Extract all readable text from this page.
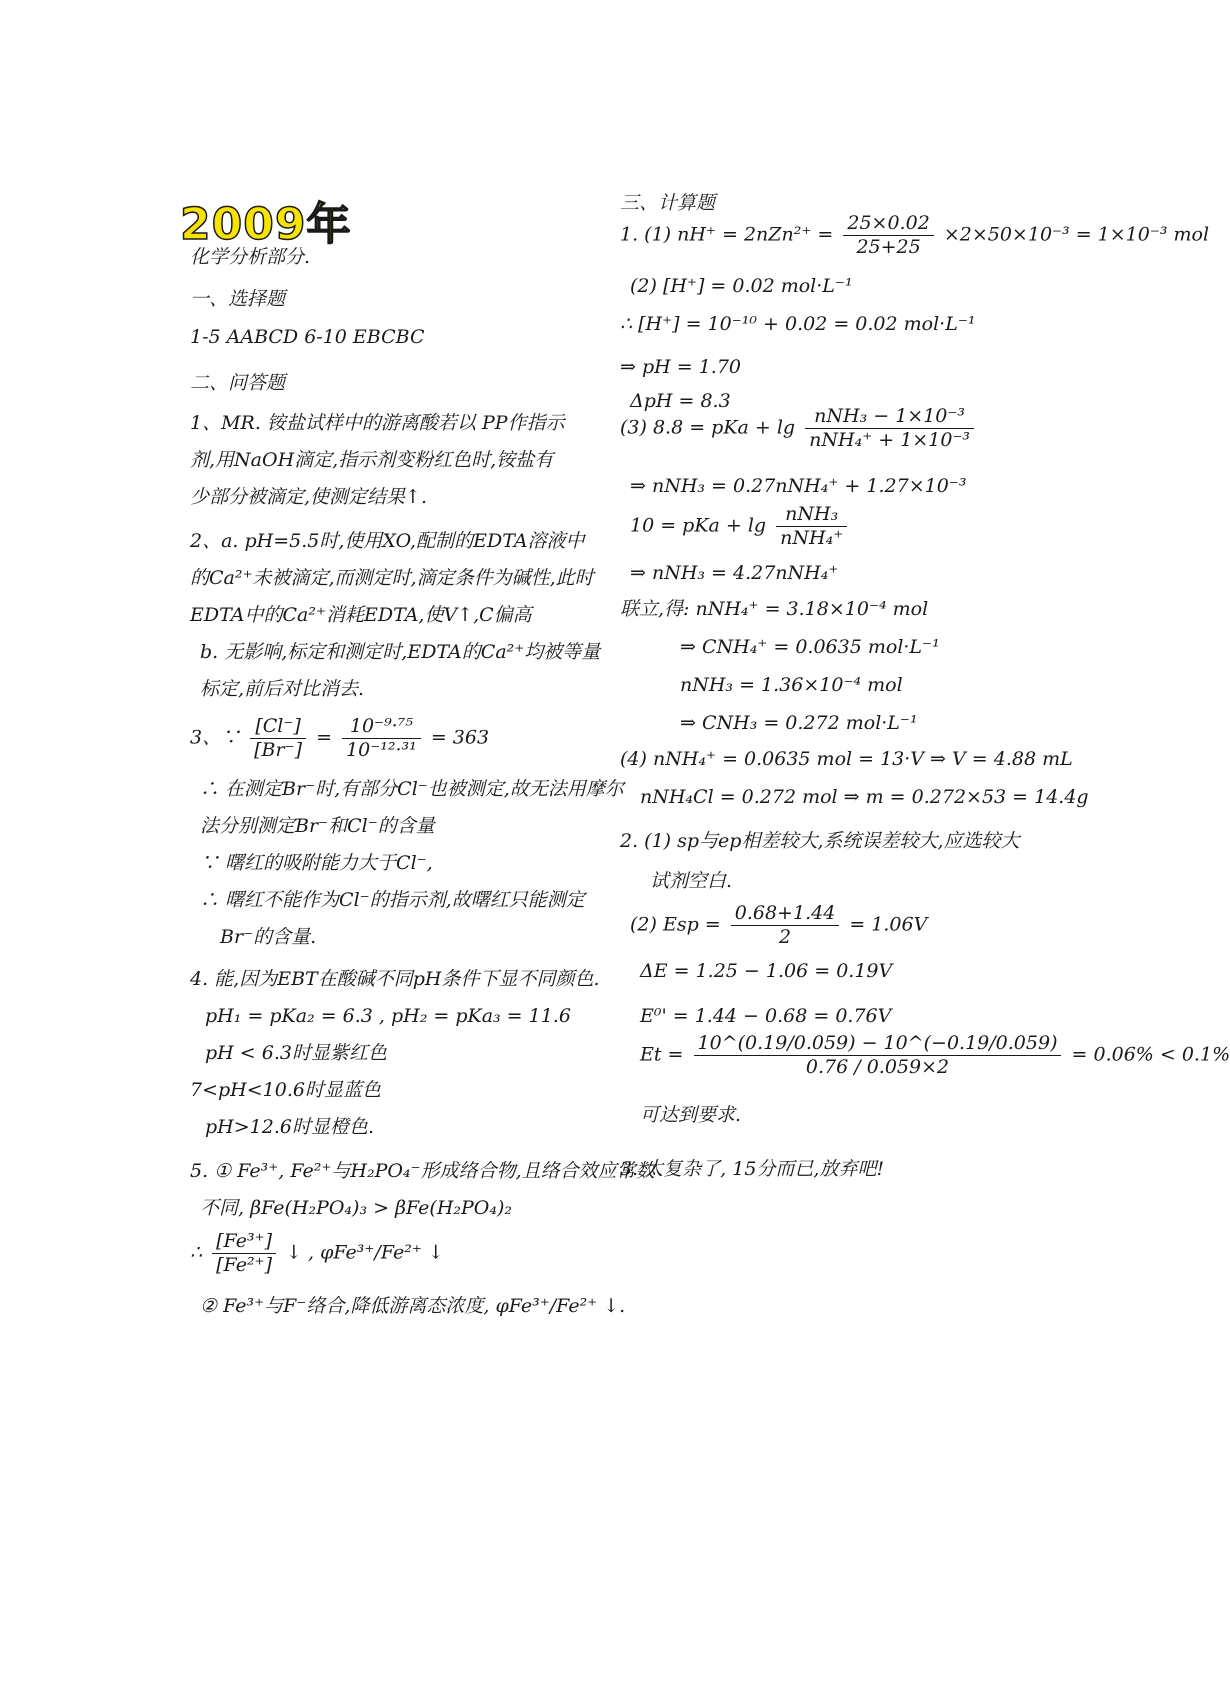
2009年
化学分析部分.
一、选择题
1-5 AABCD 6-10 EBCBC
二、问答题
1、MR. 铵盐试样中的游离酸若以 PP作指示
剂,用NaOH滴定,指示剂变粉红色时,铵盐有
少部分被滴定,使测定结果↑.
2、a. pH=5.5时,使用XO,配制的EDTA溶液中
的Ca²⁺未被滴定,而测定时,滴定条件为碱性,此时
EDTA中的Ca²⁺消耗EDTA,使V↑,C偏高
b. 无影响,标定和测定时,EDTA的Ca²⁺均被等量
标定,前后对比消去.
3、∵ $\frac{[Cl^-]}{[Br^-]} = \frac{\text{10⁻⁹·⁷⁵}}{\text{10⁻¹²·³¹}} = 363$
∴ 在测定Br⁻时,有部分Cl⁻也被测定,故无法用摩尔
法分别测定Br⁻和Cl⁻的含量
∵ 曙红的吸附能力大于Cl⁻,
∴ 曙红不能作为Cl⁻的指示剂,故曙红只能测定
Br⁻的含量.
4. 能,因为EBT在酸碱不同pH条件下显不同颜色.
pH₁ = pKa₂ = 6.3 , pH₂ = pKa₃ = 11.6
pH < 6.3时显紫红色
7<pH<10.6时显蓝色
pH>12.6时显橙色.
5. ① Fe³⁺, Fe²⁺与H₂PO₄⁻形成络合物,且络合效应常数
不同, βFe(H₂PO₄)₃ > βFe(H₂PO₄)₂
∴ $\frac{\text{[Fe³⁺]}}{\text{[Fe²⁺]}}$ ↓ , φFe³⁺/Fe²⁺ ↓
② Fe³⁺与F⁻络合,降低游离态浓度, φFe³⁺/Fe²⁺ ↓.
三、计算题
1. (1) $nH^+ = 2nZn^{2+} = \frac{25\times 0.02}{25+25} \times 2\times 50\times 10^{-3} = 1\times 10^{-3}$ mol
(2) [H⁺] = 0.02 mol·L⁻¹
∴ [H⁺] = 10⁻¹⁰ + 0.02 = 0.02 mol·L⁻¹
⇒ pH = 1.70
ΔpH = 8.3
(3) 8.8 = pKa + $\lg \frac{\text{nNH₃ − 1×10⁻³}}{\text{nNH₄⁺ + 1×10⁻³}}$
⇒ nNH₃ = 0.27nNH₄⁺ + 1.27×10⁻³
10 = pKa + $\lg \frac{\text{nNH₃}}{\text{nNH₄⁺}}$
⇒ nNH₃ = 4.27nNH₄⁺
联立,得: nNH₄⁺ = 3.18×10⁻⁴ mol
⇒ CNH₄⁺ = 0.0635 mol·L⁻¹
nNH₃ = 1.36×10⁻⁴ mol
⇒ CNH₃ = 0.272 mol·L⁻¹
(4) nNH₄⁺ = 0.0635 mol = 13·V ⇒ V = 4.88 mL
nNH₄Cl = 0.272 mol ⇒ m = 0.272×53 = 14.4g
2. (1) sp与ep相差较大,系统误差较大,应选较大
试剂空白.
(2) Esp = $\frac{0.68+1.44}{2} = 1.06V$
ΔE = 1.25 − 1.06 = 0.19V
E⁰' = 1.44 − 0.68 = 0.76V
$Et = \frac{10\^{}(0.19/0.059) - 10\^{}(-0.19/0.059)}{0.76 / 0.059\times 2} = 0.06\% < 0.1\%$
可达到要求.
3. 太复杂了, 15分而已,放弃吧!
